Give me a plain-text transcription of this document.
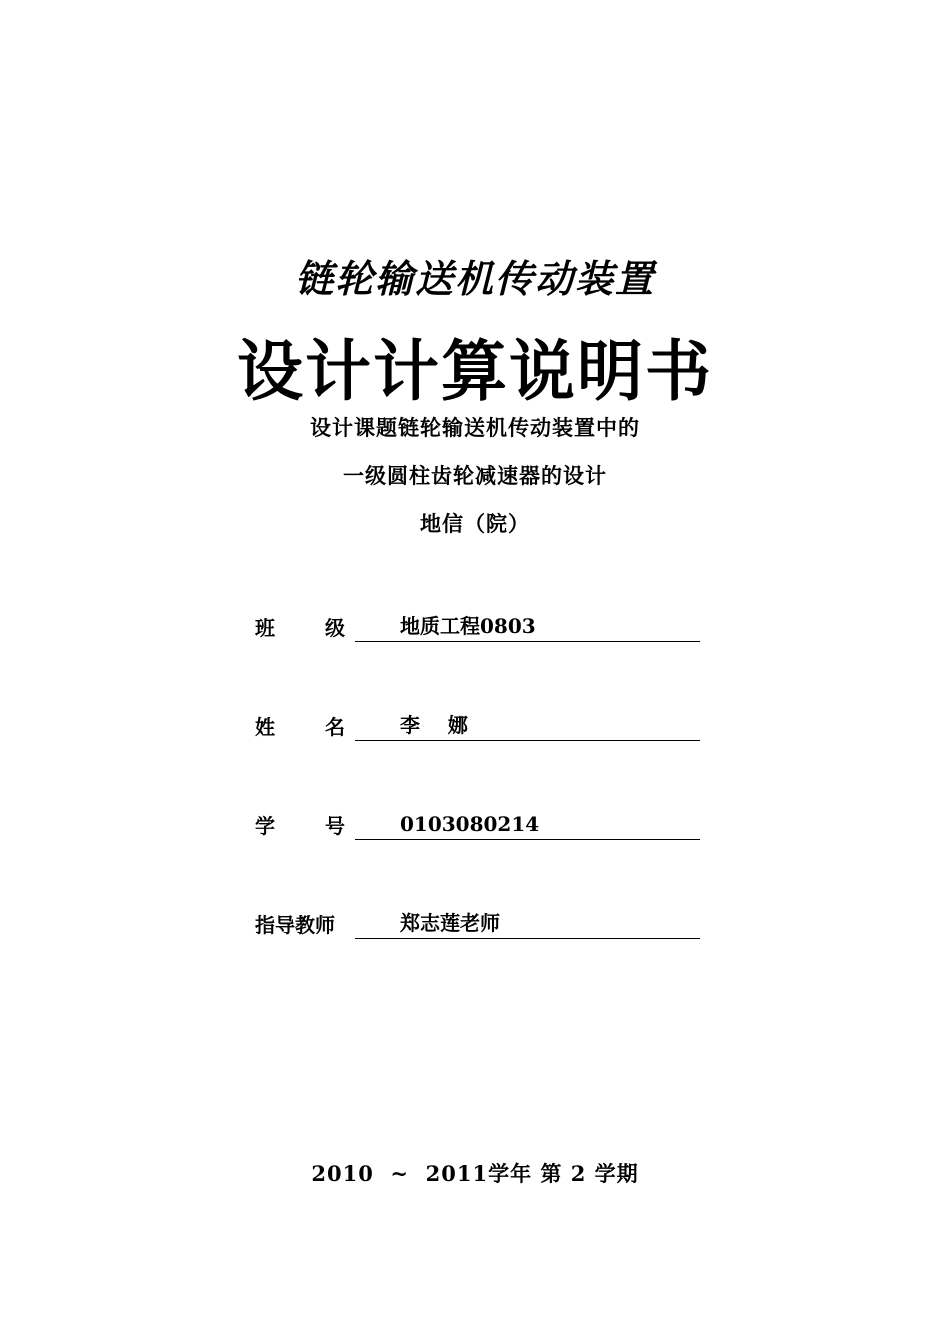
链轮输送机传动装置
设计计算说明书
设计课题链轮输送机传动装置中的
一级圆柱齿轮减速器的设计
地信（院）
班	级	地质工程0803
姓	名	李    娜
学	号	0103080214
指导教师	郑志莲老师
2010  ~  2011学年 第 2 学期
